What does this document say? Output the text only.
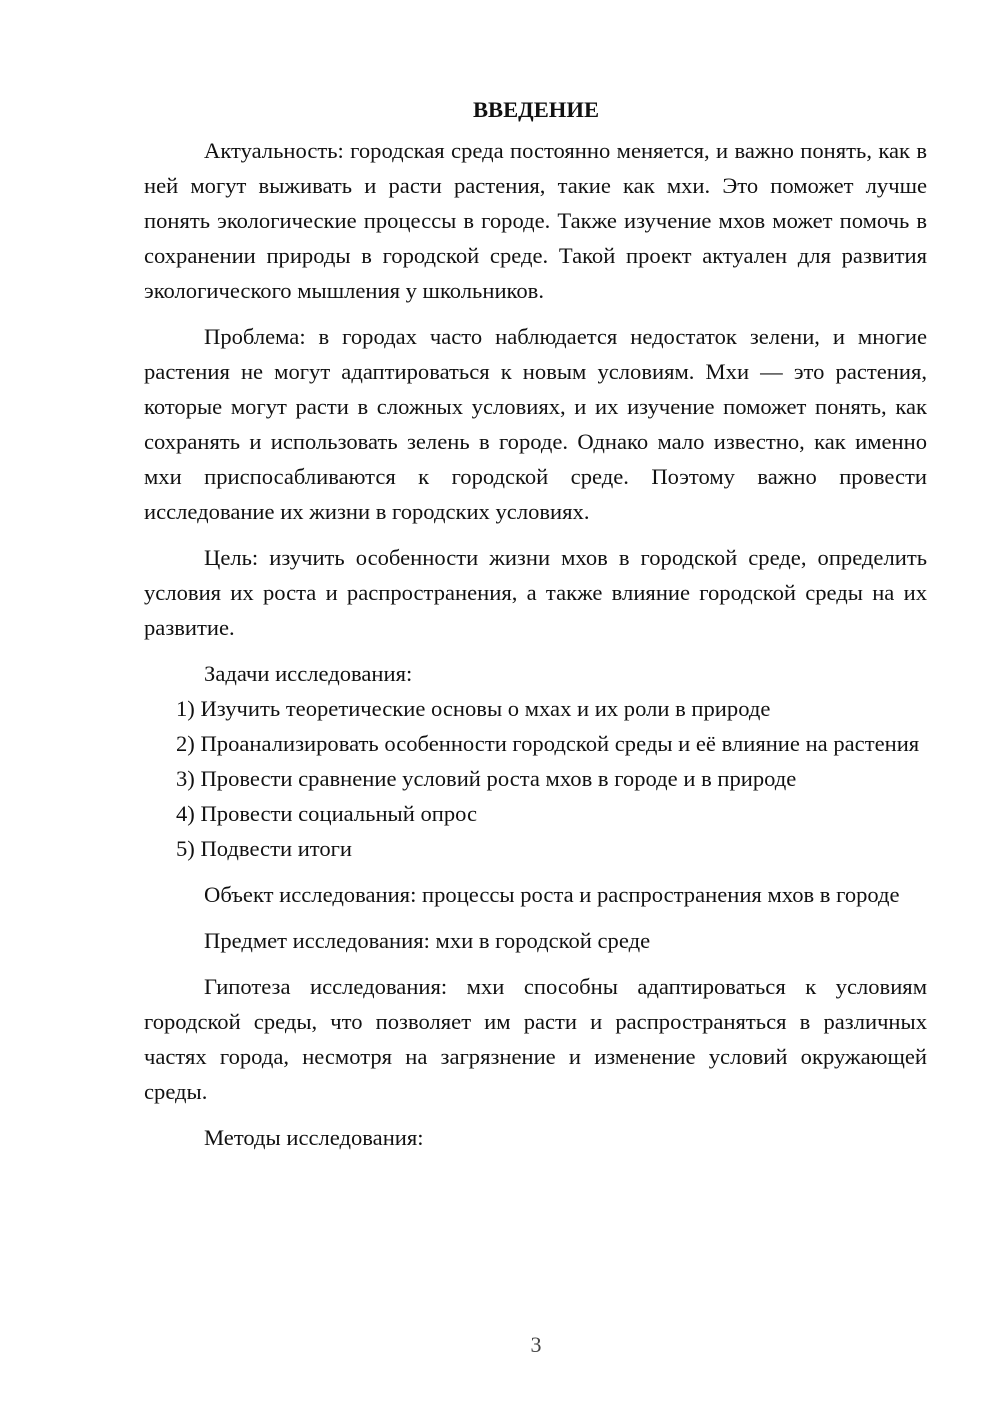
ВВЕДЕНИЕ

Актуальность: городская среда постоянно меняется, и важно понять, как в ней могут выживать и расти растения, такие как мхи. Это поможет лучше понять экологические процессы в городе. Также изучение мхов может помочь в сохранении природы в городской среде. Такой проект актуален для развития экологического мышления у школьников.

Проблема: в городах часто наблюдается недостаток зелени, и многие растения не могут адаптироваться к новым условиям. Мхи — это растения, которые могут расти в сложных условиях, и их изучение поможет понять, как сохранять и использовать зелень в городе. Однако мало известно, как именно мхи приспосабливаются к городской среде. Поэтому важно провести исследование их жизни в городских условиях.

Цель: изучить особенности жизни мхов в городской среде, определить условия их роста и распространения, а также влияние городской среды на их развитие.

Задачи исследования:

1) Изучить теоретические основы о мхах и их роли в природе

2) Проанализировать особенности городской среды и её влияние на растения

3) Провести сравнение условий роста мхов в городе и в природе

4) Провести социальный опрос

5) Подвести итоги

Объект исследования: процессы роста и распространения мхов в городе

Предмет исследования: мхи в городской среде

Гипотеза исследования: мхи способны адаптироваться к условиям городской среды, что позволяет им расти и распространяться в различных частях города, несмотря на загрязнение и изменение условий окружающей среды.

Методы исследования:

3
